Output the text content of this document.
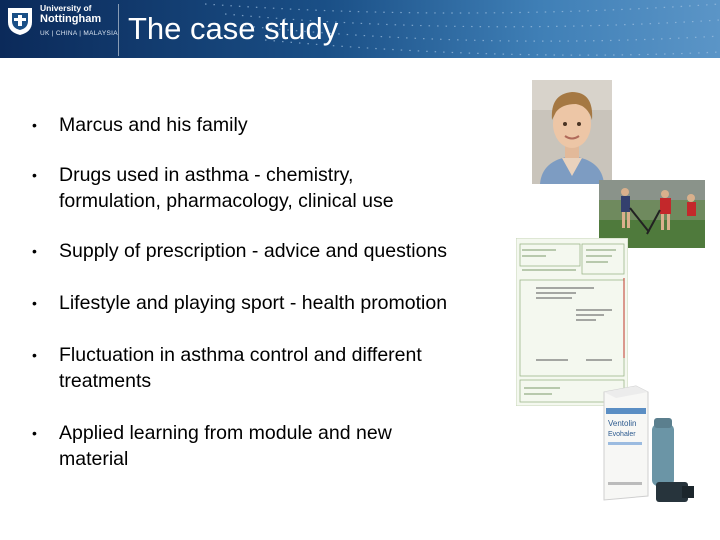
University of
Nottingham
UK | CHINA | MALAYSIA The case study
• Marcus and his family
• Drugs used in asthma - chemistry,
formulation, pharmacology, clinical use
• Supply of prescription - advice and questions
• Lifestyle and playing sport - health promotion
• Fluctuation in asthma control and different
treatments
• Applied learning from module and new
material
Ventolin
Evohaler
